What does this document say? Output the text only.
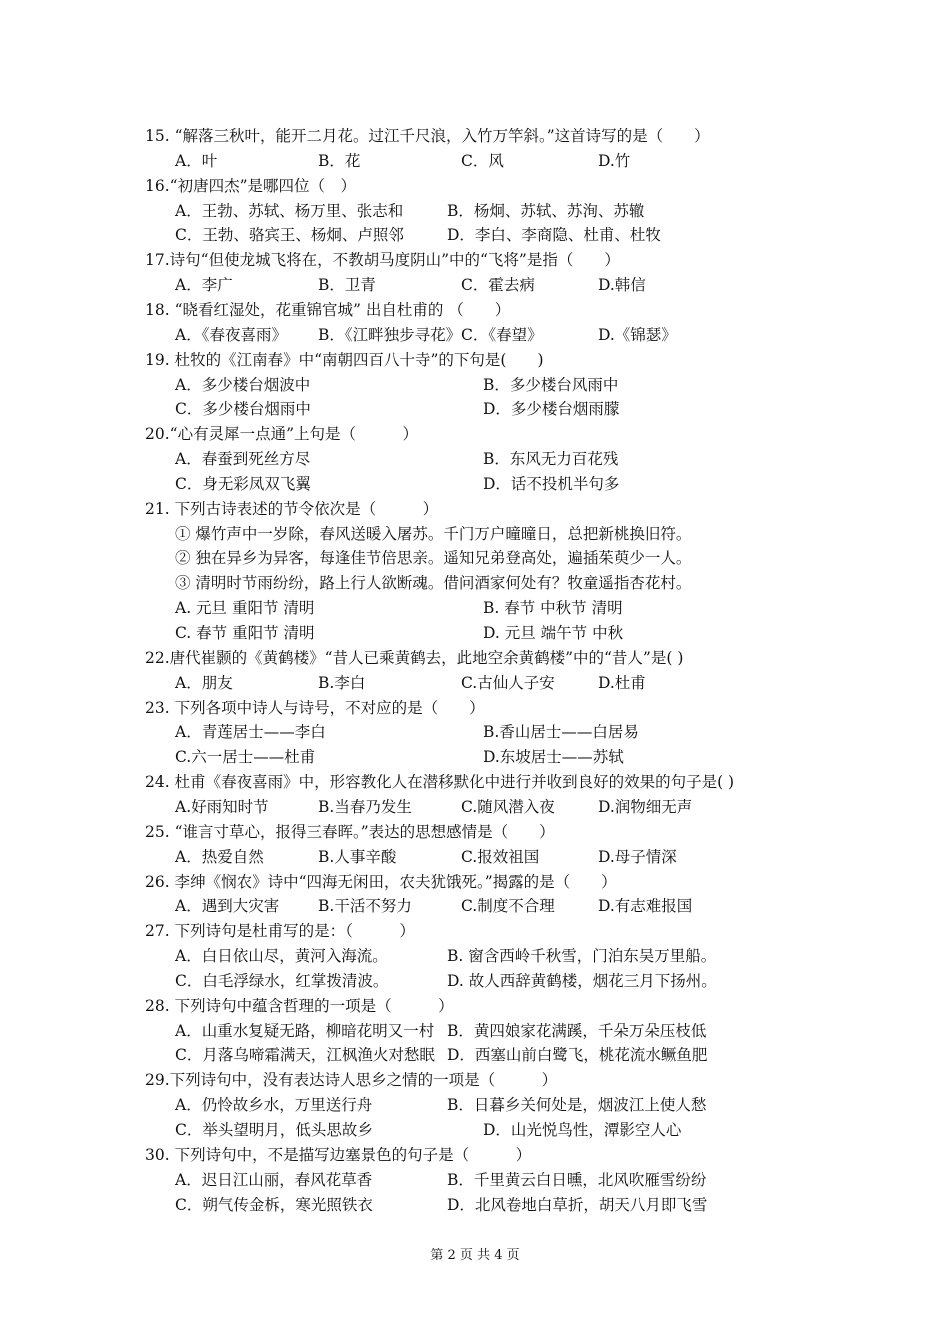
15. “解落三秋叶，能开二月花。过江千尺浪，入竹万竿斜。”这首诗写的是（　　）
A．叶	B．花	C．风	D.竹
16.“初唐四杰”是哪四位（　）
A．王勃、苏轼、杨万里、张志和	B．杨炯、苏轼、苏洵、苏辙
C．王勃、骆宾王、杨炯、卢照邻	D．李白、李商隐、杜甫、杜牧
17.诗句“但使龙城飞将在，不教胡马度阴山”中的“飞将”是指（　　）
A．李广	B．卫青	C．霍去病	D.韩信
18. “晓看红湿处，花重锦官城” 出自杜甫的 （　　）
A．《春夜喜雨》 B．《江畔独步寻花》 C．《春望》	D.《锦瑟》
19. 杜牧的《江南春》中“南朝四百八十寺”的下句是(　　)
A．多少楼台烟波中	B．多少楼台风雨中
C．多少楼台烟雨中	D．多少楼台烟雨朦
20.“心有灵犀一点通”上句是（　　　）
A．春蚕到死丝方尽	B．东风无力百花残
C．身无彩凤双飞翼	D．话不投机半句多
21. 下列古诗表述的节令依次是（　　　）
① 爆竹声中一岁除，春风送暖入屠苏。千门万户曈曈日，总把新桃换旧符。
② 独在异乡为异客，每逢佳节倍思亲。遥知兄弟登高处，遍插茱萸少一人。
③ 清明时节雨纷纷，路上行人欲断魂。借问酒家何处有？牧童遥指杏花村。
A. 元旦 重阳节 清明	B. 春节 中秋节 清明
C. 春节 重阳节 清明	D. 元旦 端午节 中秋
22.唐代崔颢的《黄鹤楼》“昔人已乘黄鹤去，此地空余黄鹤楼”中的“昔人”是( )
A．朋友	B.李白	C.古仙人子安	D.杜甫
23. 下列各项中诗人与诗号，不对应的是（　　）
A．青莲居士——李白	B.香山居士——白居易
C.六一居士——杜甫	D.东坡居士——苏轼
24. 杜甫《春夜喜雨》中，形容教化人在潜移默化中进行并收到良好的效果的句子是( )
A.好雨知时节	B.当春乃发生	C.随风潜入夜	D.润物细无声
25. “谁言寸草心，报得三春晖。”表达的思想感情是（　　）
A．热爱自然	B.人事辛酸	C.报效祖国	D.母子情深
26. 李绅《悯农》诗中“四海无闲田，农夫犹饿死。”揭露的是（　　）
A．遇到大灾害	B.干活不努力	C.制度不合理	D.有志难报国
27. 下列诗句是杜甫写的是：（　　　）
A．白日依山尽，黄河入海流。	B. 窗含西岭千秋雪，门泊东吴万里船。
C．白毛浮绿水，红掌拨清波。	D. 故人西辞黄鹤楼，烟花三月下扬州。
28. 下列诗句中蕴含哲理的一项是（　　　）
A．山重水复疑无路，柳暗花明又一村 B．黄四娘家花满蹊，千朵万朵压枝低
C．月落乌啼霜满天，江枫渔火对愁眠 D．西塞山前白鹭飞，桃花流水鳜鱼肥
29.下列诗句中，没有表达诗人思乡之情的一项是（　　　）
A．仍怜故乡水，万里送行舟	B．日暮乡关何处是，烟波江上使人愁
C．举头望明月，低头思故乡	D．山光悦鸟性，潭影空人心
30. 下列诗句中，不是描写边塞景色的句子是（　　　）
A．迟日江山丽，春风花草香	B．千里黄云白日曛，北风吹雁雪纷纷
C．朔气传金柝，寒光照铁衣	D．北风卷地白草折，胡天八月即飞雪
第 2 页 共 4 页
